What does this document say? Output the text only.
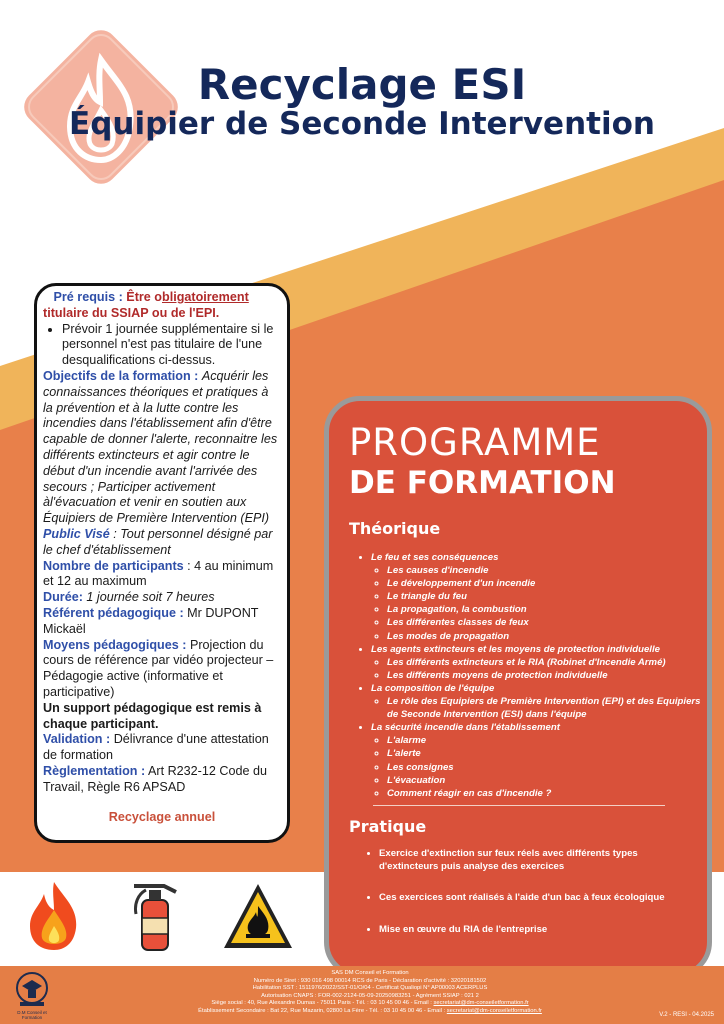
Recyclage ESI
Équipier de Seconde Intervention

Pré requis : Être obligatoirement titulaire du SSIAP ou de l'EPI.

• Prévoir 1 journée supplémentaire si le personnel n'est pas titulaire de l'une desqualifications ci-dessus.

Objectifs de la formation : Acquérir les connaissances théoriques et pratiques à la prévention et à la lutte contre les incendies dans l'établissement afin d'être capable de donner l'alerte, reconnaitre les différents extincteurs et agir contre le début d'un incendie avant l'arrivée des secours ; Participer activement àl'évacuation et venir en soutien aux Équipiers de Première Intervention (EPI)

Public Visé : Tout personnel désigné par le chef d'établissement

Nombre de participants : 4 au minimum et 12 au maximum

Durée: 1 journée soit 7 heures

Référent pédagogique : Mr DUPONT Mickaël

Moyens pédagogiques : Projection du cours de référence par vidéo projecteur – Pédagogie active (informative et participative)

Un support pédagogique est remis à chaque participant.

Validation : Délivrance d'une attestation de formation

Règlementation : Art R232-12 Code du Travail, Règle R6 APSAD

Recyclage annuel

PROGRAMME
DE FORMATION
Théorique
• Le feu et ses conséquences
◦ Les causes d'incendie
◦ Le développement d'un incendie
◦ Le triangle du feu
◦ La propagation, la combustion
◦ Les différentes classes de feux
◦ Les modes de propagation
• Les agents extincteurs et les moyens de protection individuelle
◦ Les différents extincteurs et le RIA (Robinet d'Incendie Armé)
◦ Les différents moyens de protection individuelle
• La composition de l'équipe
◦ Le rôle des Equipiers de Première Intervention (EPI) et des Equipiers de Seconde Intervention (ESI) dans l'équipe
• La sécurité incendie dans l'établissement
◦ L'alarme
◦ L'alerte
◦ Les consignes
◦ L'évacuation
◦ Comment réagir en cas d'incendie ?
Pratique
• Exercice d'extinction sur feux réels avec différents types d'extincteurs puis analyse des exercices
• Ces exercices sont réalisés à l'aide d'un bac à feux écologique
• Mise en œuvre du RIA de l'entreprise
D.M Conseil et Formation
SAS DM Conseil et Formation
Numéro de Siret : 930 016 498 00014 RCS de Paris - Déclaration d'activité : 32020181502
Habilitation SST : 1511976/2022/SST-01/O/04 - Certificat Qualiopi N° AP00003 ACERPLUS
Autorisation CNAPS : FOR-002-2124-05-09-20250983251 - Agrément SSIAP : 021 2
Siège social : 40, Rue Alexandre Dumas - 75011 Paris - Tél. : 03 10 45 00 46 - Email : secretariat@dm-conseiletformation.fr
Établissement Secondaire : Bat 22, Rue Mazarin, 02800 La Fère - Tél. : 03 10 45 00 46 - Email : secretariat@dm-conseiletformation.fr
V.2 - RESI - 04.2025
